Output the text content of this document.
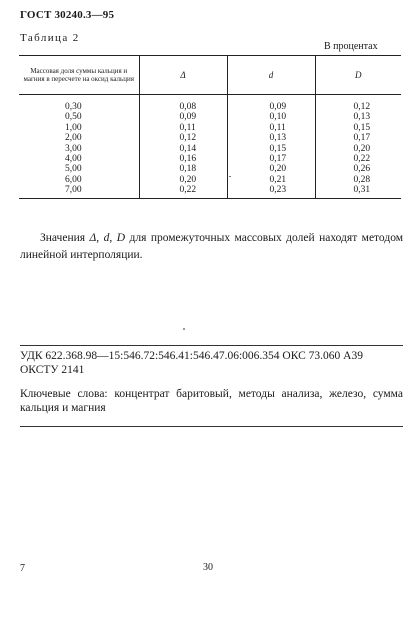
ГОСТ 30240.3—95
Таблица 2
В процентах
Массовая доля суммы кальция и магния в пересчете на оксид кальция	Δ	d	D
0,30	0,08	0,09	0,12
0,50	0,09	0,10	0,13
1,00	0,11	0,11	0,15
2,00	0,12	0,13	0,17
3,00	0,14	0,15	0,20
4,00	0,16	0,17	0,22
5,00	0,18	0,20	0,26
6,00	0,20	0,21	0,28
7,00	0,22	0,23	0,31

Значения Δ, d, D для промежуточных массовых долей находят методом линейной интерполяции.

УДК 622.368.98—15:546.72:546.41:546.47.06:006.354 ОКС 73.060 А39 ОКСТУ 2141
Ключевые слова: концентрат баритовый, методы анализа, железо, сумма кальция и магния
7	30
